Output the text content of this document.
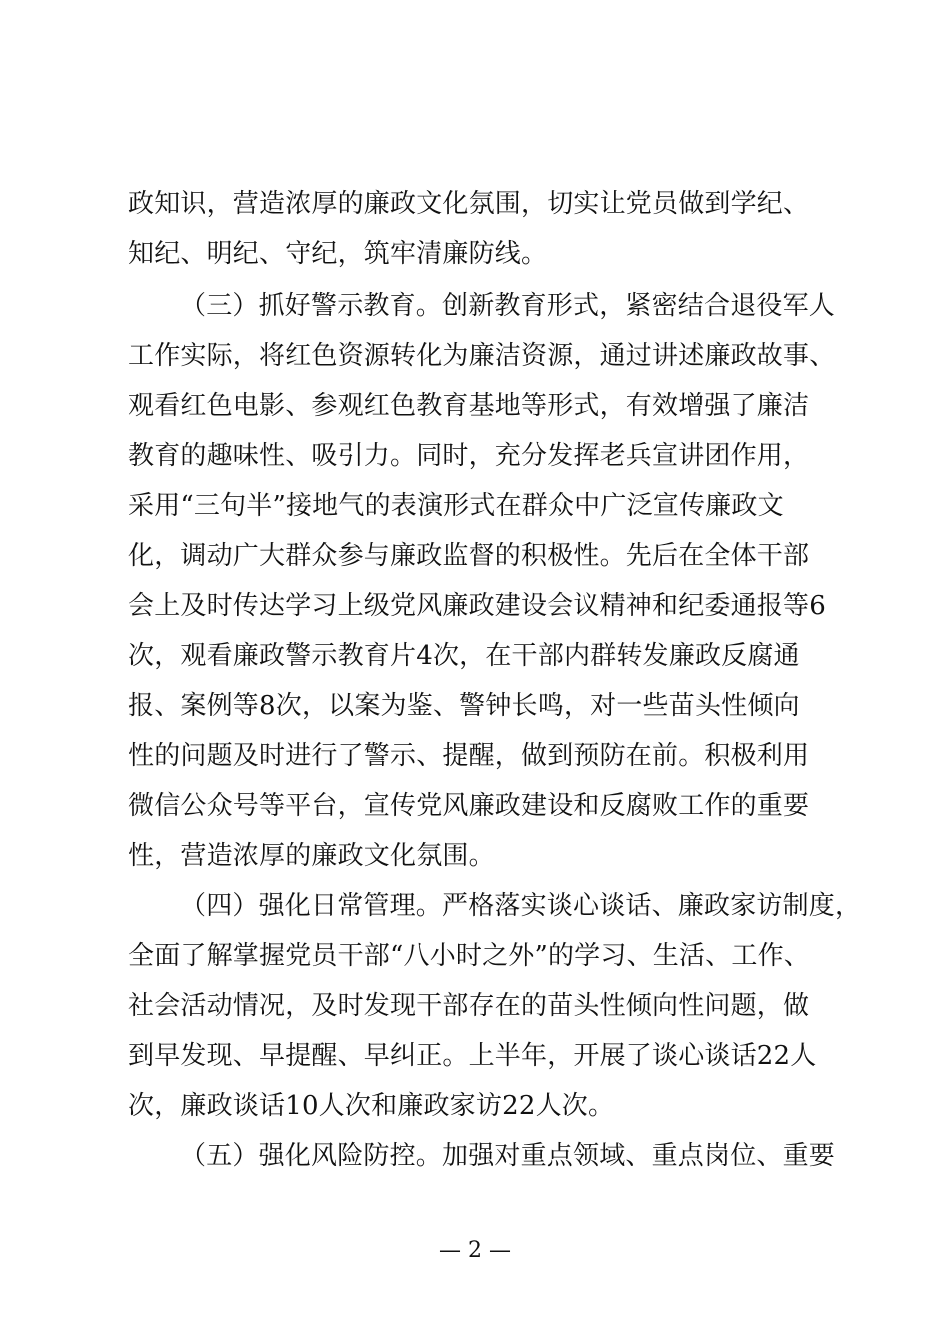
政知识，营造浓厚的廉政文化氛围，切实让党员做到学纪、
知纪、明纪、守纪，筑牢清廉防线。
（三）抓好警示教育。创新教育形式，紧密结合退役军人
工作实际，将红色资源转化为廉洁资源，通过讲述廉政故事、
观看红色电影、参观红色教育基地等形式，有效增强了廉洁
教育的趣味性、吸引力。同时，充分发挥老兵宣讲团作用，
采用“三句半”接地气的表演形式在群众中广泛宣传廉政文
化，调动广大群众参与廉政监督的积极性。先后在全体干部
会上及时传达学习上级党风廉政建设会议精神和纪委通报等6
次，观看廉政警示教育片4次，在干部内群转发廉政反腐通
报、案例等8次，以案为鉴、警钟长鸣，对一些苗头性倾向
性的问题及时进行了警示、提醒，做到预防在前。积极利用
微信公众号等平台，宣传党风廉政建设和反腐败工作的重要
性，营造浓厚的廉政文化氛围。
（四）强化日常管理。严格落实谈心谈话、廉政家访制度，
全面了解掌握党员干部“八小时之外”的学习、生活、工作、
社会活动情况，及时发现干部存在的苗头性倾向性问题，做
到早发现、早提醒、早纠正。上半年，开展了谈心谈话22人
次，廉政谈话10人次和廉政家访22人次。
（五）强化风险防控。加强对重点领域、重点岗位、重要
— 2 —
